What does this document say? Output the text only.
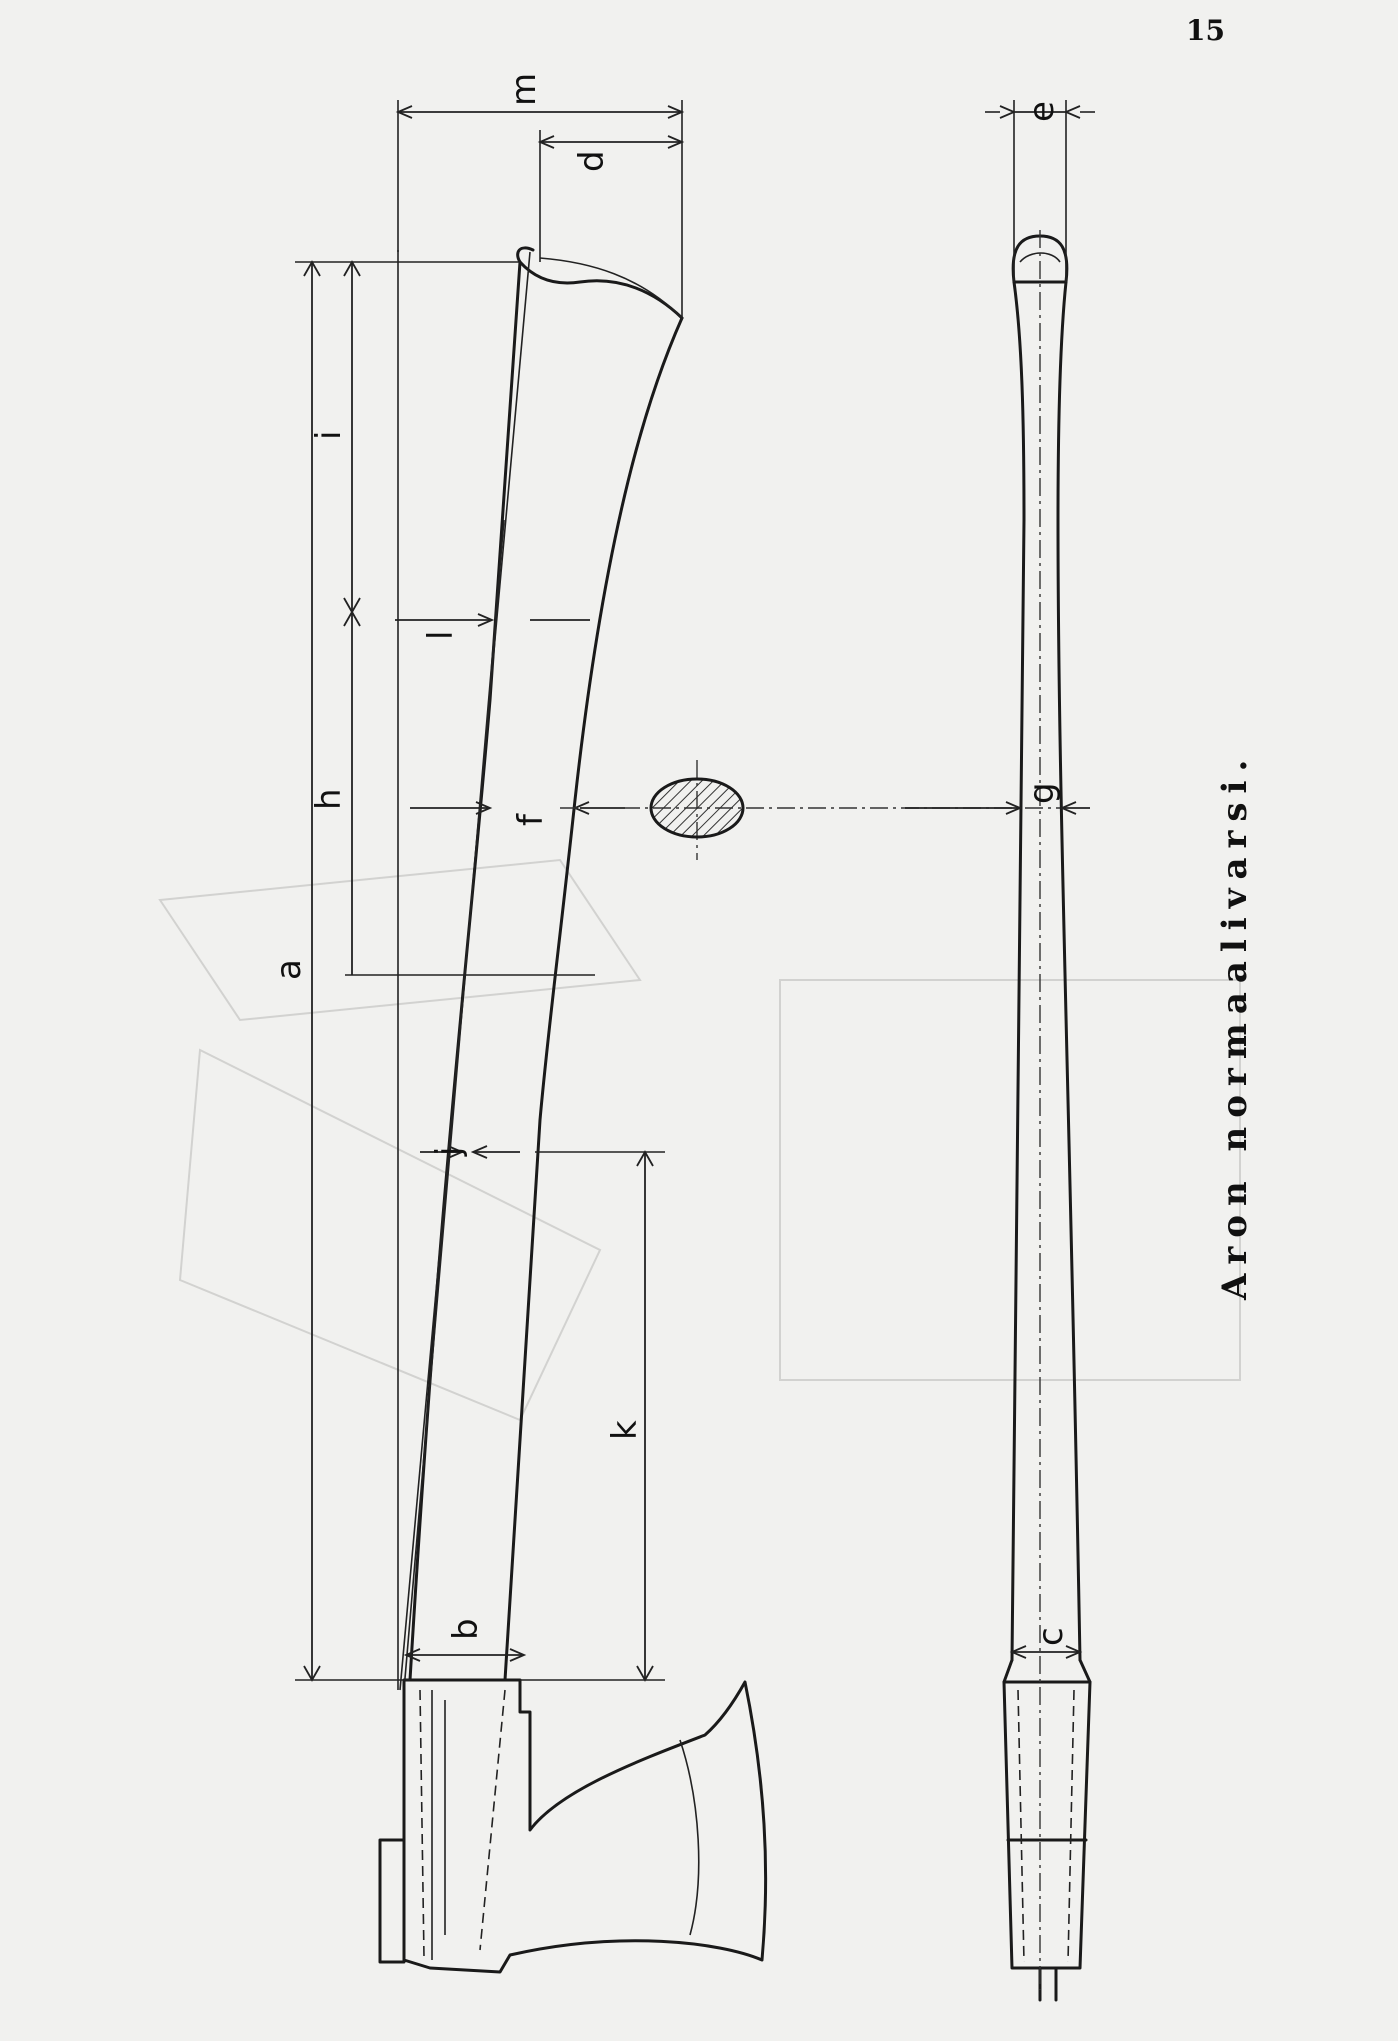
15
a
i
h
l
f
j
k
b
m
d
e
g
c
Aron normaalivarsi.
